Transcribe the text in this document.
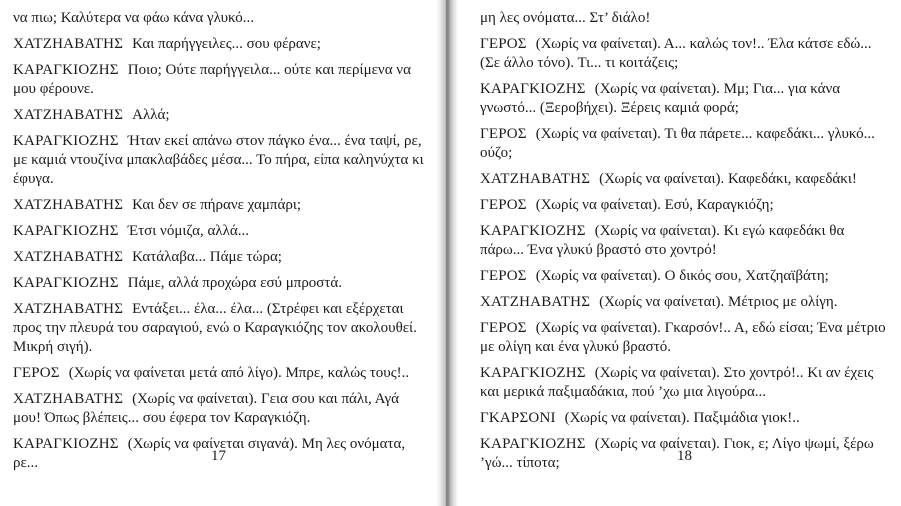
να πιω; Καλύτερα να φάω κάνα γλυκό...

ΧΑΤΖΗΑΒΑΤΗΣ Και παρήγγειλες... σου φέρανε;

ΚΑΡΑΓΚΙΟΖΗΣ Ποιο; Ούτε παρήγγειλα... ούτε και περίμενα να μου φέρουνε.

ΧΑΤΖΗΑΒΑΤΗΣ Αλλά;

ΚΑΡΑΓΚΙΟΖΗΣ Ήταν εκεί απάνω στον πάγκο ένα... ένα ταψί, ρε, με καμιά ντουζίνα μπακλαβάδες μέσα... Το πήρα, είπα καληνύχτα κι έφυγα.

ΧΑΤΖΗΑΒΑΤΗΣ Και δεν σε πήρανε χαμπάρι;

ΚΑΡΑΓΚΙΟΖΗΣ Έτσι νόμιζα, αλλά...

ΧΑΤΖΗΑΒΑΤΗΣ Κατάλαβα... Πάμε τώρα;

ΚΑΡΑΓΚΙΟΖΗΣ Πάμε, αλλά προχώρα εσύ μπροστά.

ΧΑΤΖΗΑΒΑΤΗΣ Εντάξει... έλα... έλα... (Στρέφει και εξέρχεται προς την πλευρά του σαραγιού, ενώ ο Καραγκιόζης τον ακολουθεί. Μικρή σιγή).

ΓΕΡΟΣ (Χωρίς να φαίνεται μετά από λίγο). Μπρε, καλώς τους!..

ΧΑΤΖΗΑΒΑΤΗΣ (Χωρίς να φαίνεται). Γεια σου και πάλι, Αγά μου! Όπως βλέπεις... σου έφερα τον Καραγκιόζη.

ΚΑΡΑΓΚΙΟΖΗΣ (Χωρίς να φαίνεται σιγανά). Μη λες ονόματα, ρε...	17

μη λες ονόματα... Στ’ διάλο!

ΓΕΡΟΣ (Χωρίς να φαίνεται). Α... καλώς τον!.. Έλα κάτσε εδώ... (Σε άλλο τόνο). Τι... τι κοιτάζεις;

ΚΑΡΑΓΚΙΟΖΗΣ (Χωρίς να φαίνεται). Μμ; Για... για κάνα γνωστό... (Ξεροβήχει). Ξέρεις καμιά φορά;

ΓΕΡΟΣ (Χωρίς να φαίνεται). Τι θα πάρετε... καφεδάκι... γλυκό... ούζο;

ΧΑΤΖΗΑΒΑΤΗΣ (Χωρίς να φαίνεται). Καφεδάκι, καφεδάκι!

ΓΕΡΟΣ (Χωρίς να φαίνεται). Εσύ, Καραγκιόζη;

ΚΑΡΑΓΚΙΟΖΗΣ (Χωρίς να φαίνεται). Κι εγώ καφεδάκι θα πάρω... Ένα γλυκύ βραστό στο χοντρό!

ΓΕΡΟΣ (Χωρίς να φαίνεται). Ο δικός σου, Χατζηαϊβάτη;

ΧΑΤΖΗΑΒΑΤΗΣ (Χωρίς να φαίνεται). Μέτριος με ολίγη.

ΓΕΡΟΣ (Χωρίς να φαίνεται). Γκαρσόν!.. Α, εδώ είσαι; Ένα μέτριο με ολίγη και ένα γλυκύ βραστό.

ΚΑΡΑΓΚΙΟΖΗΣ (Χωρίς να φαίνεται). Στο χοντρό!.. Κι αν έχεις και μερικά παξιμαδάκια, πού ’χω μια λιγούρα...

ΓΚΑΡΣΟΝΙ (Χωρίς να φαίνεται). Παξιμάδια γιοκ!..

ΚΑΡΑΓΚΙΟΖΗΣ (Χωρίς να φαίνεται). Γιοκ, ε; Λίγο ψωμί, ξέρω ’γώ... τίποτα;	18
